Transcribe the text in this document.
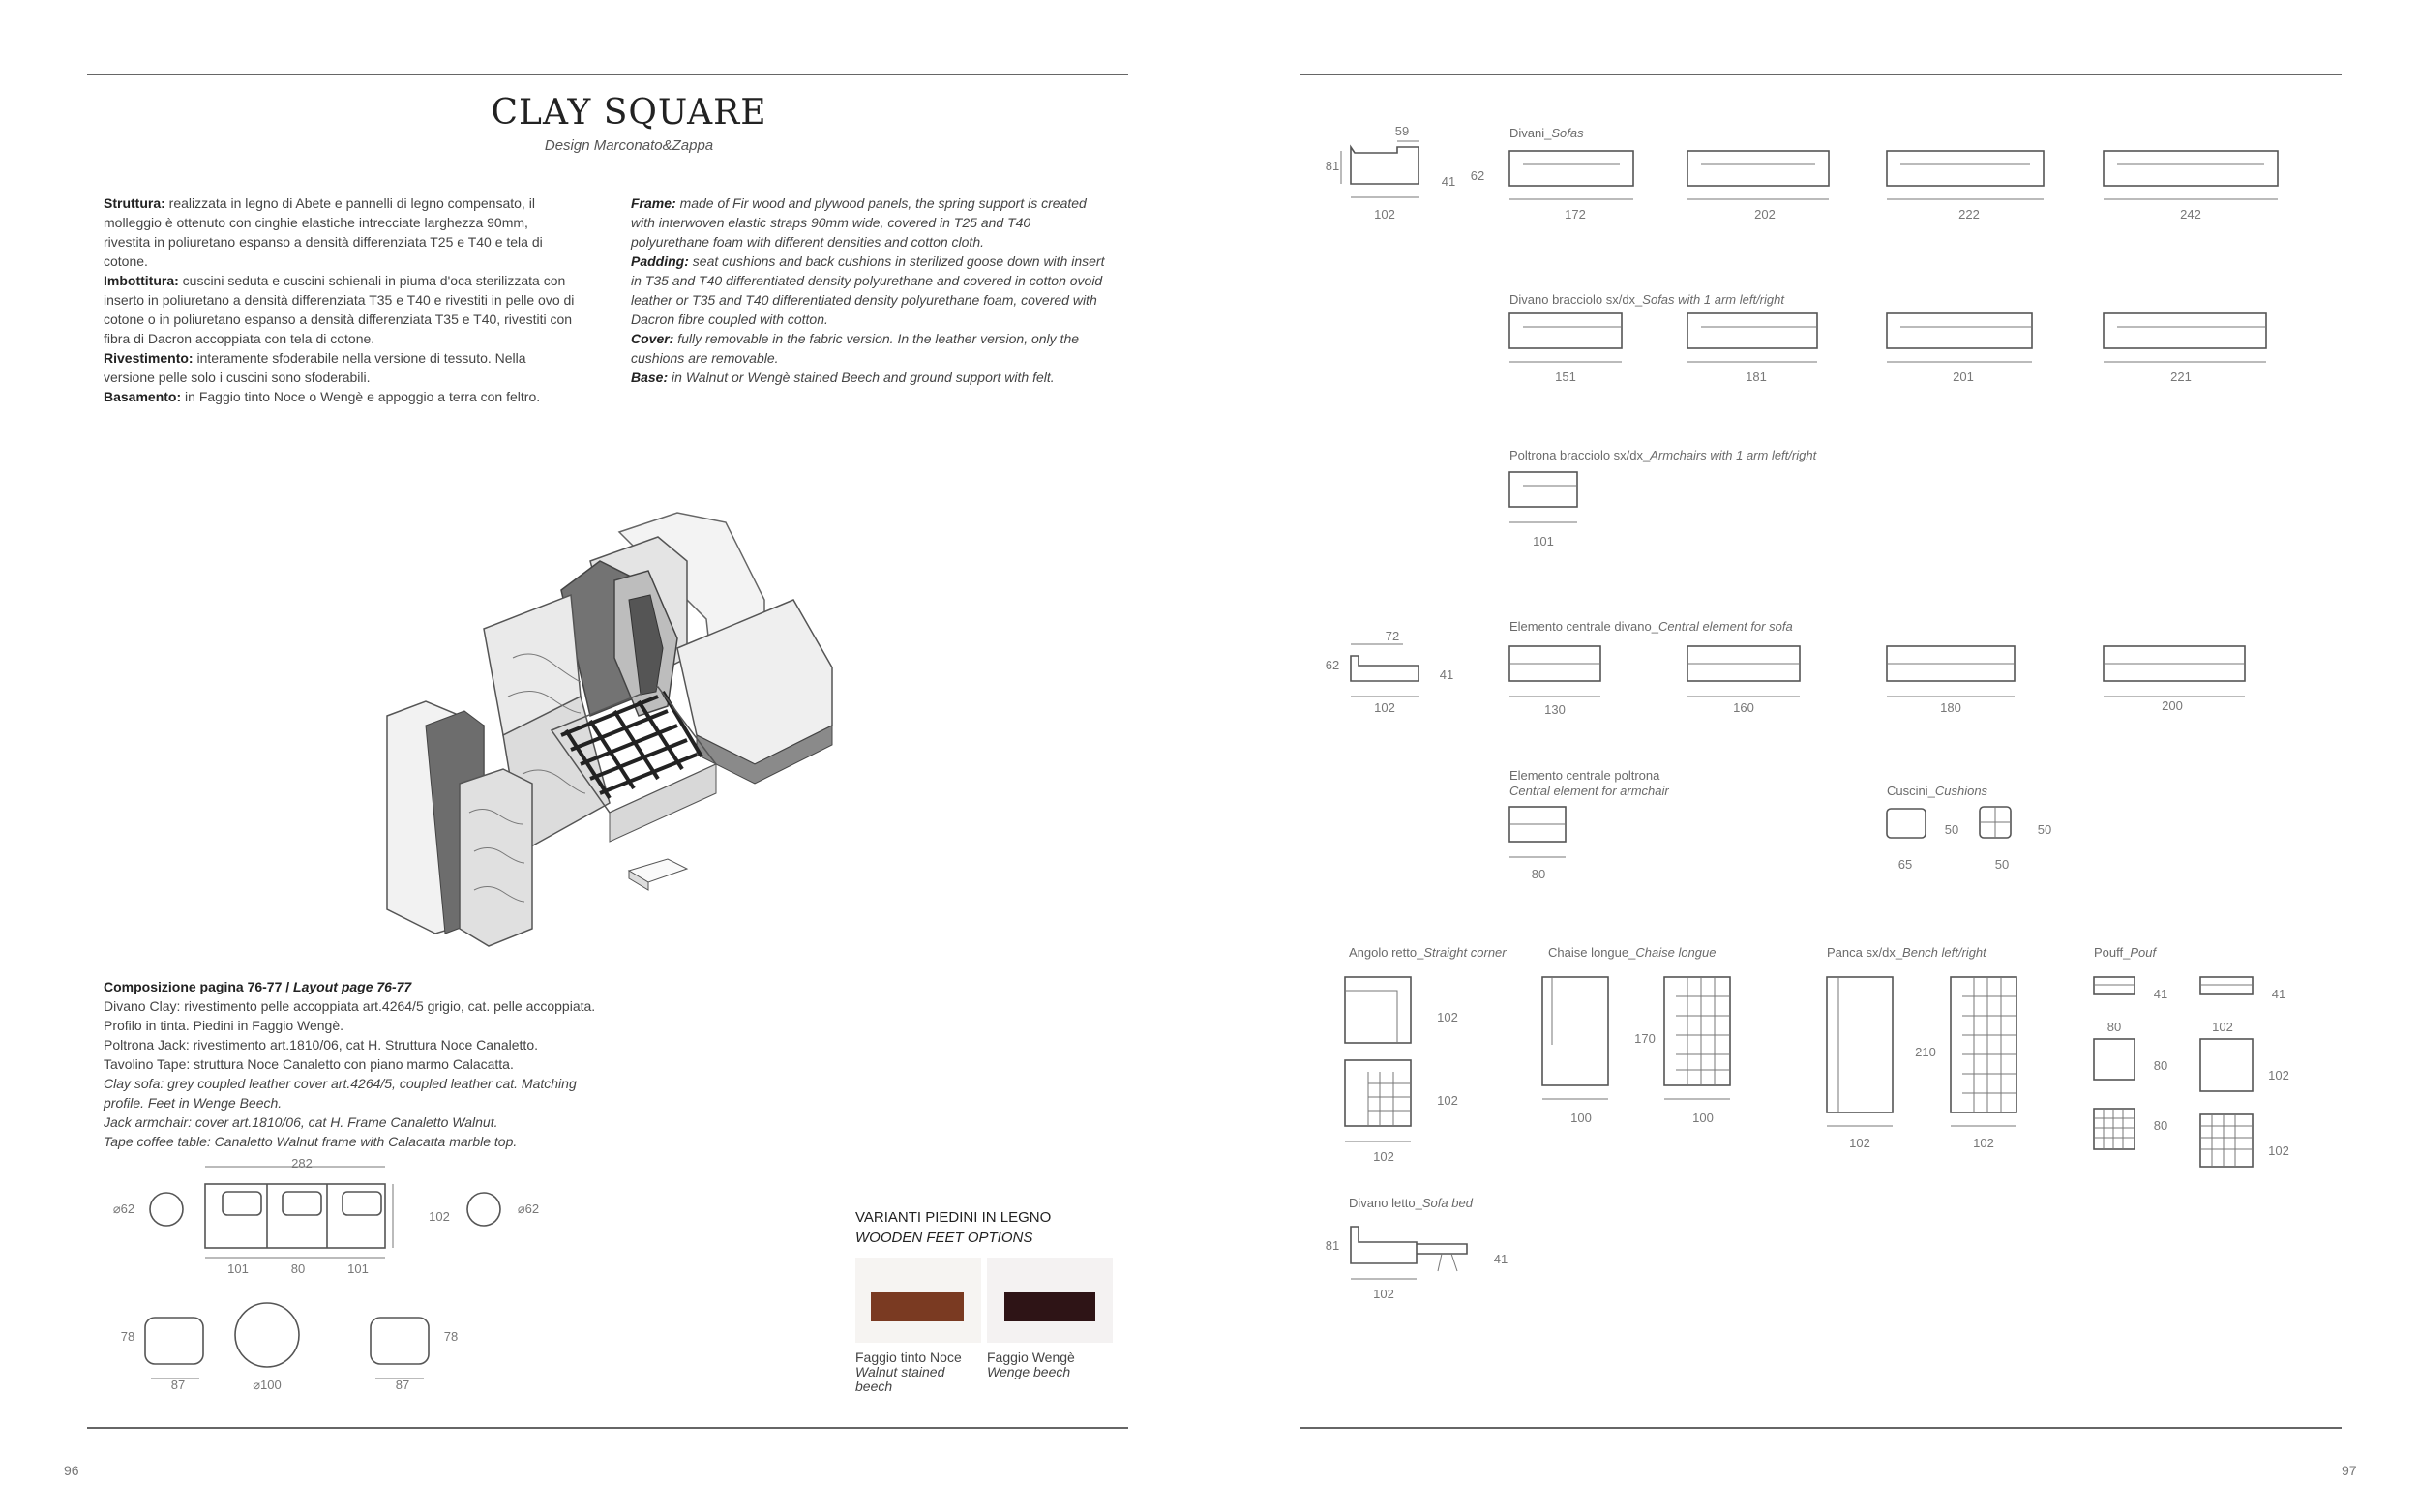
CLAY SQUARE
Design Marconato&Zappa

Struttura: realizzata in legno di Abete e pannelli di legno compensato, il molleggio è ottenuto con cinghie elastiche intrecciate larghezza 90mm, rivestita in poliuretano espanso a densità differenziata T25 e T40 e tela di cotone.

Imbottitura: cuscini seduta e cuscini schienali in piuma d'oca sterilizzata con inserto in poliuretano a densità differenziata T35 e T40 e rivestiti in pelle ovo di cotone o in poliuretano espanso a densità differenziata T35 e T40, rivestiti con fibra di Dacron accoppiata con tela di cotone.

Rivestimento: interamente sfoderabile nella versione di tessuto. Nella versione pelle solo i cuscini sono sfoderabili.

Basamento: in Faggio tinto Noce o Wengè e appoggio a terra con feltro.

Frame: made of Fir wood and plywood panels, the spring support is created with interwoven elastic straps 90mm wide, covered in T25 and T40 polyurethane foam with different densities and cotton cloth.

Padding: seat cushions and back cushions in sterilized goose down with insert in T35 and T40 differentiated density polyurethane and covered in cotton ovoid leather or T35 and T40 differentiated density polyurethane foam, covered with Dacron fibre coupled with cotton.

Cover: fully removable in the fabric version. In the leather version, only the cushions are removable.

Base: in Walnut or Wengè stained Beech and ground support with felt.

Composizione pagina 76-77 / Layout page 76-77
Divano Clay: rivestimento pelle accoppiata art.4264/5 grigio, cat. pelle accoppiata. Profilo in tinta. Piedini in Faggio Wengè.
Poltrona Jack: rivestimento art.1810/06, cat H. Struttura Noce Canaletto.
Tavolino Tape: struttura Noce Canaletto con piano marmo Calacatta.
Clay sofa: grey coupled leather cover art.4264/5, coupled leather cat. Matching profile. Feet in Wenge Beech.
Jack armchair: cover art.1810/06, cat H. Frame Canaletto Walnut.
Tape coffee table: Canaletto Walnut frame with Calacatta marble top.
282
⌀62
102
⌀62
101	80	101
78
87	⌀100
78
87
VARIANTI PIEDINI IN LEGNO
WOODEN FEET OPTIONS
Faggio tinto Noce
Walnut stained
beech
Faggio Wengè
Wenge beech
Divani_Sofas
81
59
41	62
102	172	202	222	242
Divano bracciolo sx/dx_Sofas with 1 arm left/right
151	181	201	221
Poltrona bracciolo sx/dx_Armchairs with 1 arm left/right
101
62
72
41
102
Elemento centrale divano_Central element for sofa
130	160	180	200
Elemento centrale poltrona
Central element for armchair
80
Cuscini_Cushions
50
65
50
50
Angolo retto_Straight corner
102
102
102
Chaise longue_Chaise longue
170
100	100
Panca sx/dx_Bench left/right
210
102	102
Pouff_Pouf
41
80
41
102
80
102
80
102
Divano letto_Sofa bed
81
41
102
96	97
